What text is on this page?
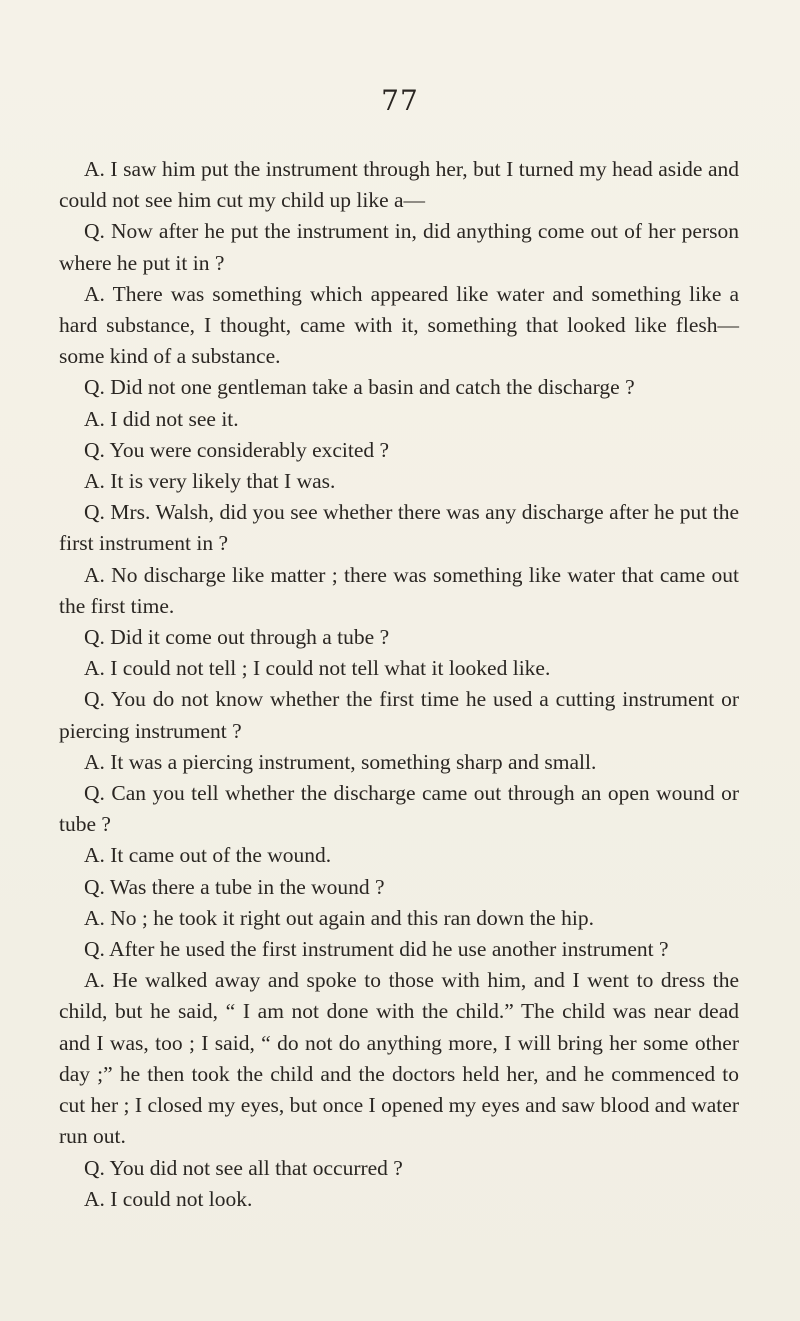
77

A. I saw him put the instrument through her, but I turned my head aside and could not see him cut my child up like a—

Q. Now after he put the instrument in, did anything come out of her person where he put it in ?

A. There was something which appeared like water and something like a hard substance, I thought, came with it, something that looked like flesh—some kind of a substance.

Q. Did not one gentleman take a basin and catch the discharge ?

A. I did not see it.

Q. You were considerably excited ?

A. It is very likely that I was.

Q. Mrs. Walsh, did you see whether there was any discharge after he put the first instrument in ?

A. No discharge like matter ; there was something like water that came out the first time.

Q. Did it come out through a tube ?

A. I could not tell ; I could not tell what it looked like.

Q. You do not know whether the first time he used a cutting instrument or piercing instrument ?

A. It was a piercing instrument, something sharp and small.

Q. Can you tell whether the discharge came out through an open wound or tube ?

A. It came out of the wound.

Q. Was there a tube in the wound ?

A. No ; he took it right out again and this ran down the hip.

Q. After he used the first instrument did he use another instrument ?

A. He walked away and spoke to those with him, and I went to dress the child, but he said, “ I am not done with the child.” The child was near dead and I was, too ; I said, “ do not do anything more, I will bring her some other day ;” he then took the child and the doctors held her, and he commenced to cut her ; I closed my eyes, but once I opened my eyes and saw blood and water run out.

Q. You did not see all that occurred ?

A. I could not look.
